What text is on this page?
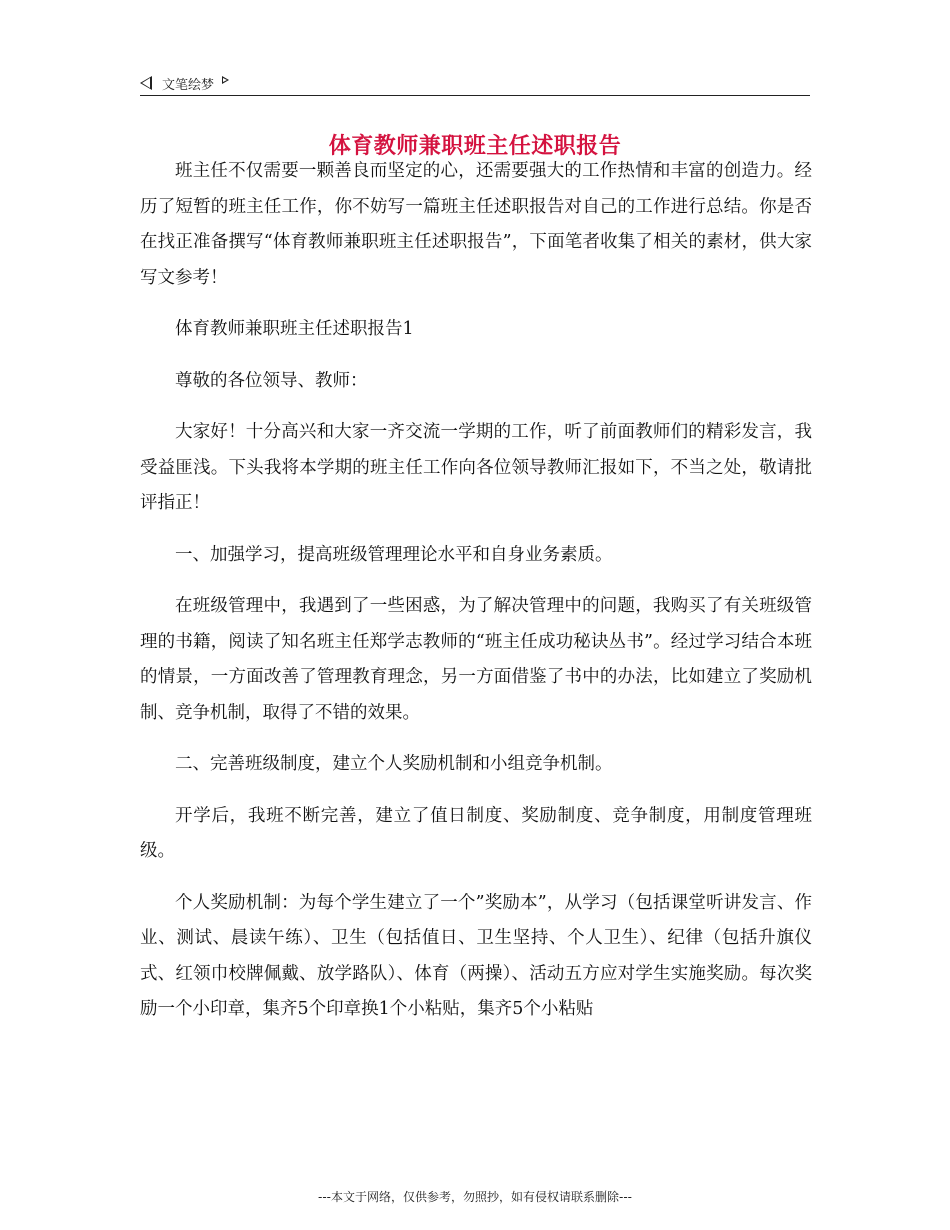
文笔绘梦
体育教师兼职班主任述职报告

班主任不仅需要一颗善良而坚定的心，还需要强大的工作热情和丰富的创造力。经历了短暂的班主任工作，你不妨写一篇班主任述职报告对自己的工作进行总结。你是否在找正准备撰写“体育教师兼职班主任述职报告”，下面笔者收集了相关的素材，供大家写文参考！

体育教师兼职班主任述职报告1

尊敬的各位领导、教师：

大家好！十分高兴和大家一齐交流一学期的工作，听了前面教师们的精彩发言，我受益匪浅。下头我将本学期的班主任工作向各位领导教师汇报如下，不当之处，敬请批评指正！

一、加强学习，提高班级管理理论水平和自身业务素质。

在班级管理中，我遇到了一些困惑，为了解决管理中的问题，我购买了有关班级管理的书籍，阅读了知名班主任郑学志教师的“班主任成功秘诀丛书”。经过学习结合本班的情景，一方面改善了管理教育理念，另一方面借鉴了书中的办法，比如建立了奖励机制、竞争机制，取得了不错的效果。

二、完善班级制度，建立个人奖励机制和小组竞争机制。

开学后，我班不断完善，建立了值日制度、奖励制度、竞争制度，用制度管理班级。

个人奖励机制：为每个学生建立了一个”奖励本”，从学习（包括课堂听讲发言、作业、测试、晨读午练）、卫生（包括值日、卫生坚持、个人卫生）、纪律（包括升旗仪式、红领巾校牌佩戴、放学路队）、体育（两操）、活动五方应对学生实施奖励。每次奖励一个小印章，集齐5个印章换1个小粘贴，集齐5个小粘贴

---本文于网络，仅供参考，勿照抄，如有侵权请联系删除---
